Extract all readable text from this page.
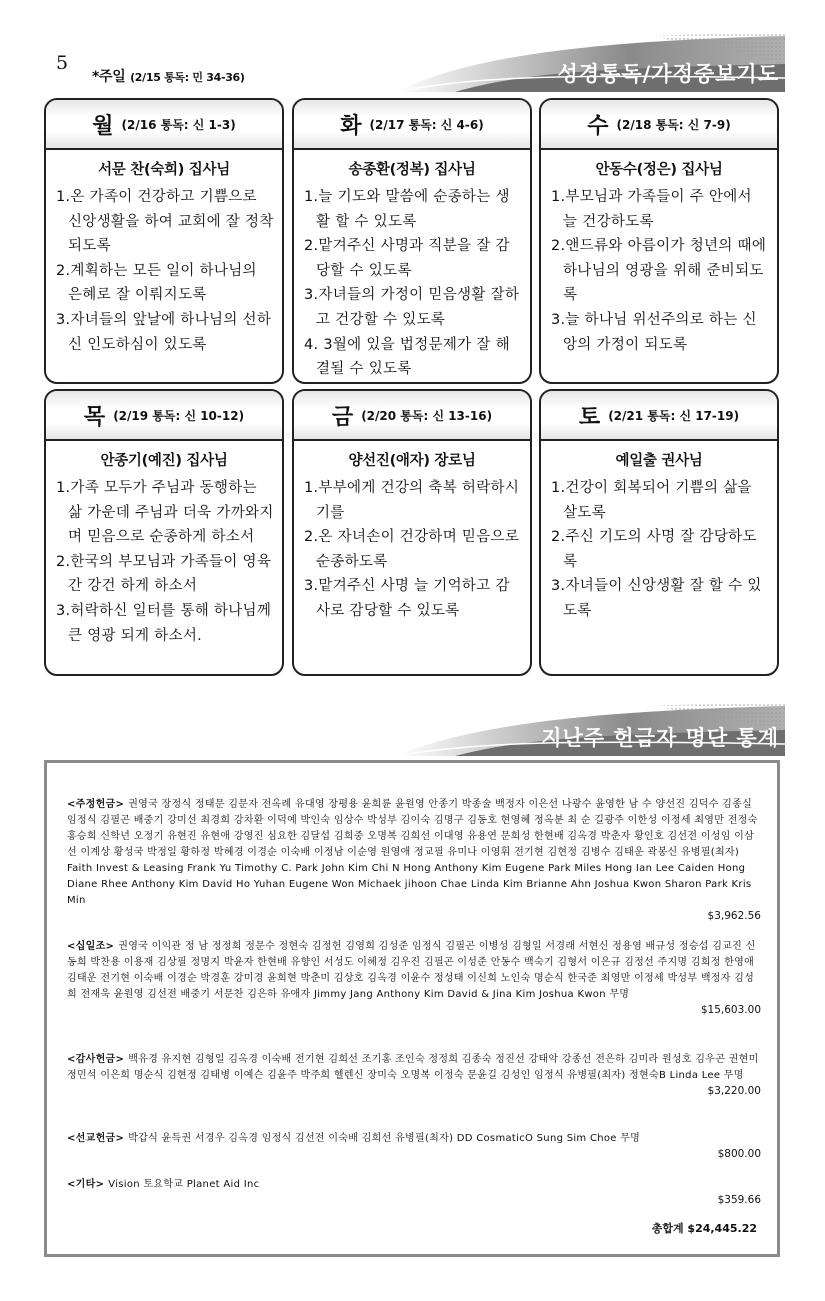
5
*주일 (2/15 통독: 민 34-36)	성경통독/가정중보기도
월 (2/16 통독: 신 1-3)
서문 찬(숙희) 집사님
1.온 가족이 건강하고 기쁨으로 신앙생활을 하여 교회에 잘 정착 되도록
2.계획하는 모든 일이 하나님의 은혜로 잘 이뤄지도록
3.자녀들의 앞날에 하나님의 선하신 인도하심이 있도록
화 (2/17 통독: 신 4-6)
송종환(정복) 집사님
1.늘 기도와 말씀에 순종하는 생활 할 수 있도록
2.맡겨주신 사명과 직분을 잘 감당할 수 있도록
3.자녀들의 가정이 믿음생활 잘하고 건강할 수 있도록
4. 3월에 있을 법정문제가 잘 해결될 수 있도록
수 (2/18 통독: 신 7-9)
안동수(정은) 집사님
1.부모님과 가족들이 주 안에서 늘 건강하도록
2.앤드류와 아름이가 청년의 때에 하나님의 영광을 위해 준비되도록
3.늘 하나님 위선주의로 하는 신앙의 가정이 되도록
목 (2/19 통독: 신 10-12)
안종기(예진) 집사님
1.가족 모두가 주님과 동행하는 삶 가운데 주님과 더욱 가까와지며 믿음으로 순종하게 하소서
2.한국의 부모님과 가족들이 영육간 강건 하게 하소서
3.허락하신 일터를 통해 하나님께 큰 영광 되게 하소서.
금 (2/20 통독: 신 13-16)
양선진(애자) 장로님
1.부부에게 건강의 축복 허락하시기를
2.온 자녀손이 건강하며 믿음으로 순종하도록
3.맡겨주신 사명 늘 기억하고 감사로 감당할 수 있도록
토 (2/21 통독: 신 17-19)
예일출 권사님
1.건강이 회복되어 기쁨의 삶을 살도록
2.주신 기도의 사명 잘 감당하도록
3.자녀들이 신앙생활 잘 할 수 있도록
지난주 헌금자 명단 통계
<주정헌금> 권영국 장정식 정태문 김문자 전옥례 유대영 장평용 윤희륜 윤원영 안종기 박종술 백정자 이은선 나광수 윤영한 남 수 양선진 김덕수 김종실 임정식 김필곤 배중기 강미선 최경희 강차환 이덕예 박인숙 임상수 박성부 김이숙 김명구 김동호 현영혜 정옥분 최 순 길광주 이한성 이정세 최영만 전정숙 홍승희 신학년 오정기 유현진 유현애 강영진 심요한 김달섭 김희중 오명복 김희선 이대영 유용연 문희성 한현배 김옥경 박춘자 황인호 김선전 이성임 이삼선 이계상 황성국 박정일 황하정 박혜경 이경순 이숙배 이정남 이순영 원영애 정교필 유미나 이영휘 전기현 김현정 김병수 김태운 곽봉신 유병필(최자) Faith Invest & Leasing Frank Yu Timothy C. Park John Kim Chi N Hong Anthony Kim Eugene Park Miles Hong Ian Lee Caiden Hong Diane Rhee Anthony Kim David Ho Yuhan Eugene Won Michaek jihoon Chae Linda Kim Brianne Ahn Joshua Kwon Sharon Park Kris Min
$3,962.56
<십일조> 권영국 이익관 정 남 정정희 정문수 정현숙 김정헌 김영희 김성준 임정식 김필곤 이병성 김형일 서경래 서현신 정용염 배규성 정승섭 김교진 신동희 박찬용 이용재 김상필 정명지 박윤자 한현배 유향인 서성도 이혜정 김우진 김필곤 이성준 안동수 백숙기 김형서 이은규 김정선 주지명 김희정 한영애 김태운 전기현 이숙배 이경순 박경훈 강미경 윤희현 박춘미 김상호 김옥경 이윤수 정성태 이신희 노인숙 명순식 한국준 최영만 이정세 박성부 백정자 김성희 전재욱 윤원영 김선전 배중기 서문찬 김은하 유애자 Jimmy Jang Anthony Kim David & Jina Kim Joshua Kwon 무명
$15,603.00
<감사헌금> 백유경 유지현 김형일 김옥경 이숙배 전기현 김희선 조기홍 조인숙 정정희 김종숙 정진선 강태악 강종선 전은하 김미라 원성호 김우곤 권현미 정민석 이은희 명순식 김현정 김태병 이예슨 김윤주 박주희 헬렌신 장미숙 오명복 이정숙 문윤길 김성인 임정식 유병필(최자) 정현숙B Linda Lee 무명
$3,220.00
<선교헌금> 박갑식 윤득권 서경우 김옥경 임정식 김선전 이숙배 김희선 유병필(최자) DD CosmaticO Sung Sim Choe 무명
$800.00
<기타> Vision 토요학교 Planet Aid Inc
$359.66
총합계 $24,445.22
